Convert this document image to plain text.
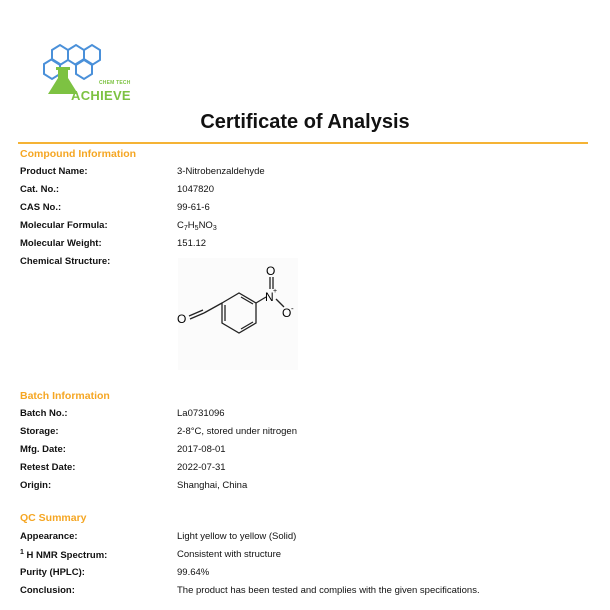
CHEM TECH
ACHIEVE
Certificate of Analysis
Compound Information
Product Name:	3-Nitrobenzaldehyde
Cat. No.:	1047820
CAS No.:	99-61-6
Molecular Formula:	$C_7H_5NO_3$
Molecular Weight:	151.12
Chemical Structure:
O
N +
O
O -
Batch Information
Batch No.:	La0731096
Storage:	2-8°C, stored under nitrogen
Mfg. Date:	2017-08-01
Retest Date:	2022-07-31
Origin:	Shanghai, China
QC Summary
Appearance:	Light yellow to yellow (Solid)
$^1$ H NMR Spectrum:	Consistent with structure
Purity (HPLC):	99.64%
Conclusion:	The product has been tested and complies with the given specifications.
